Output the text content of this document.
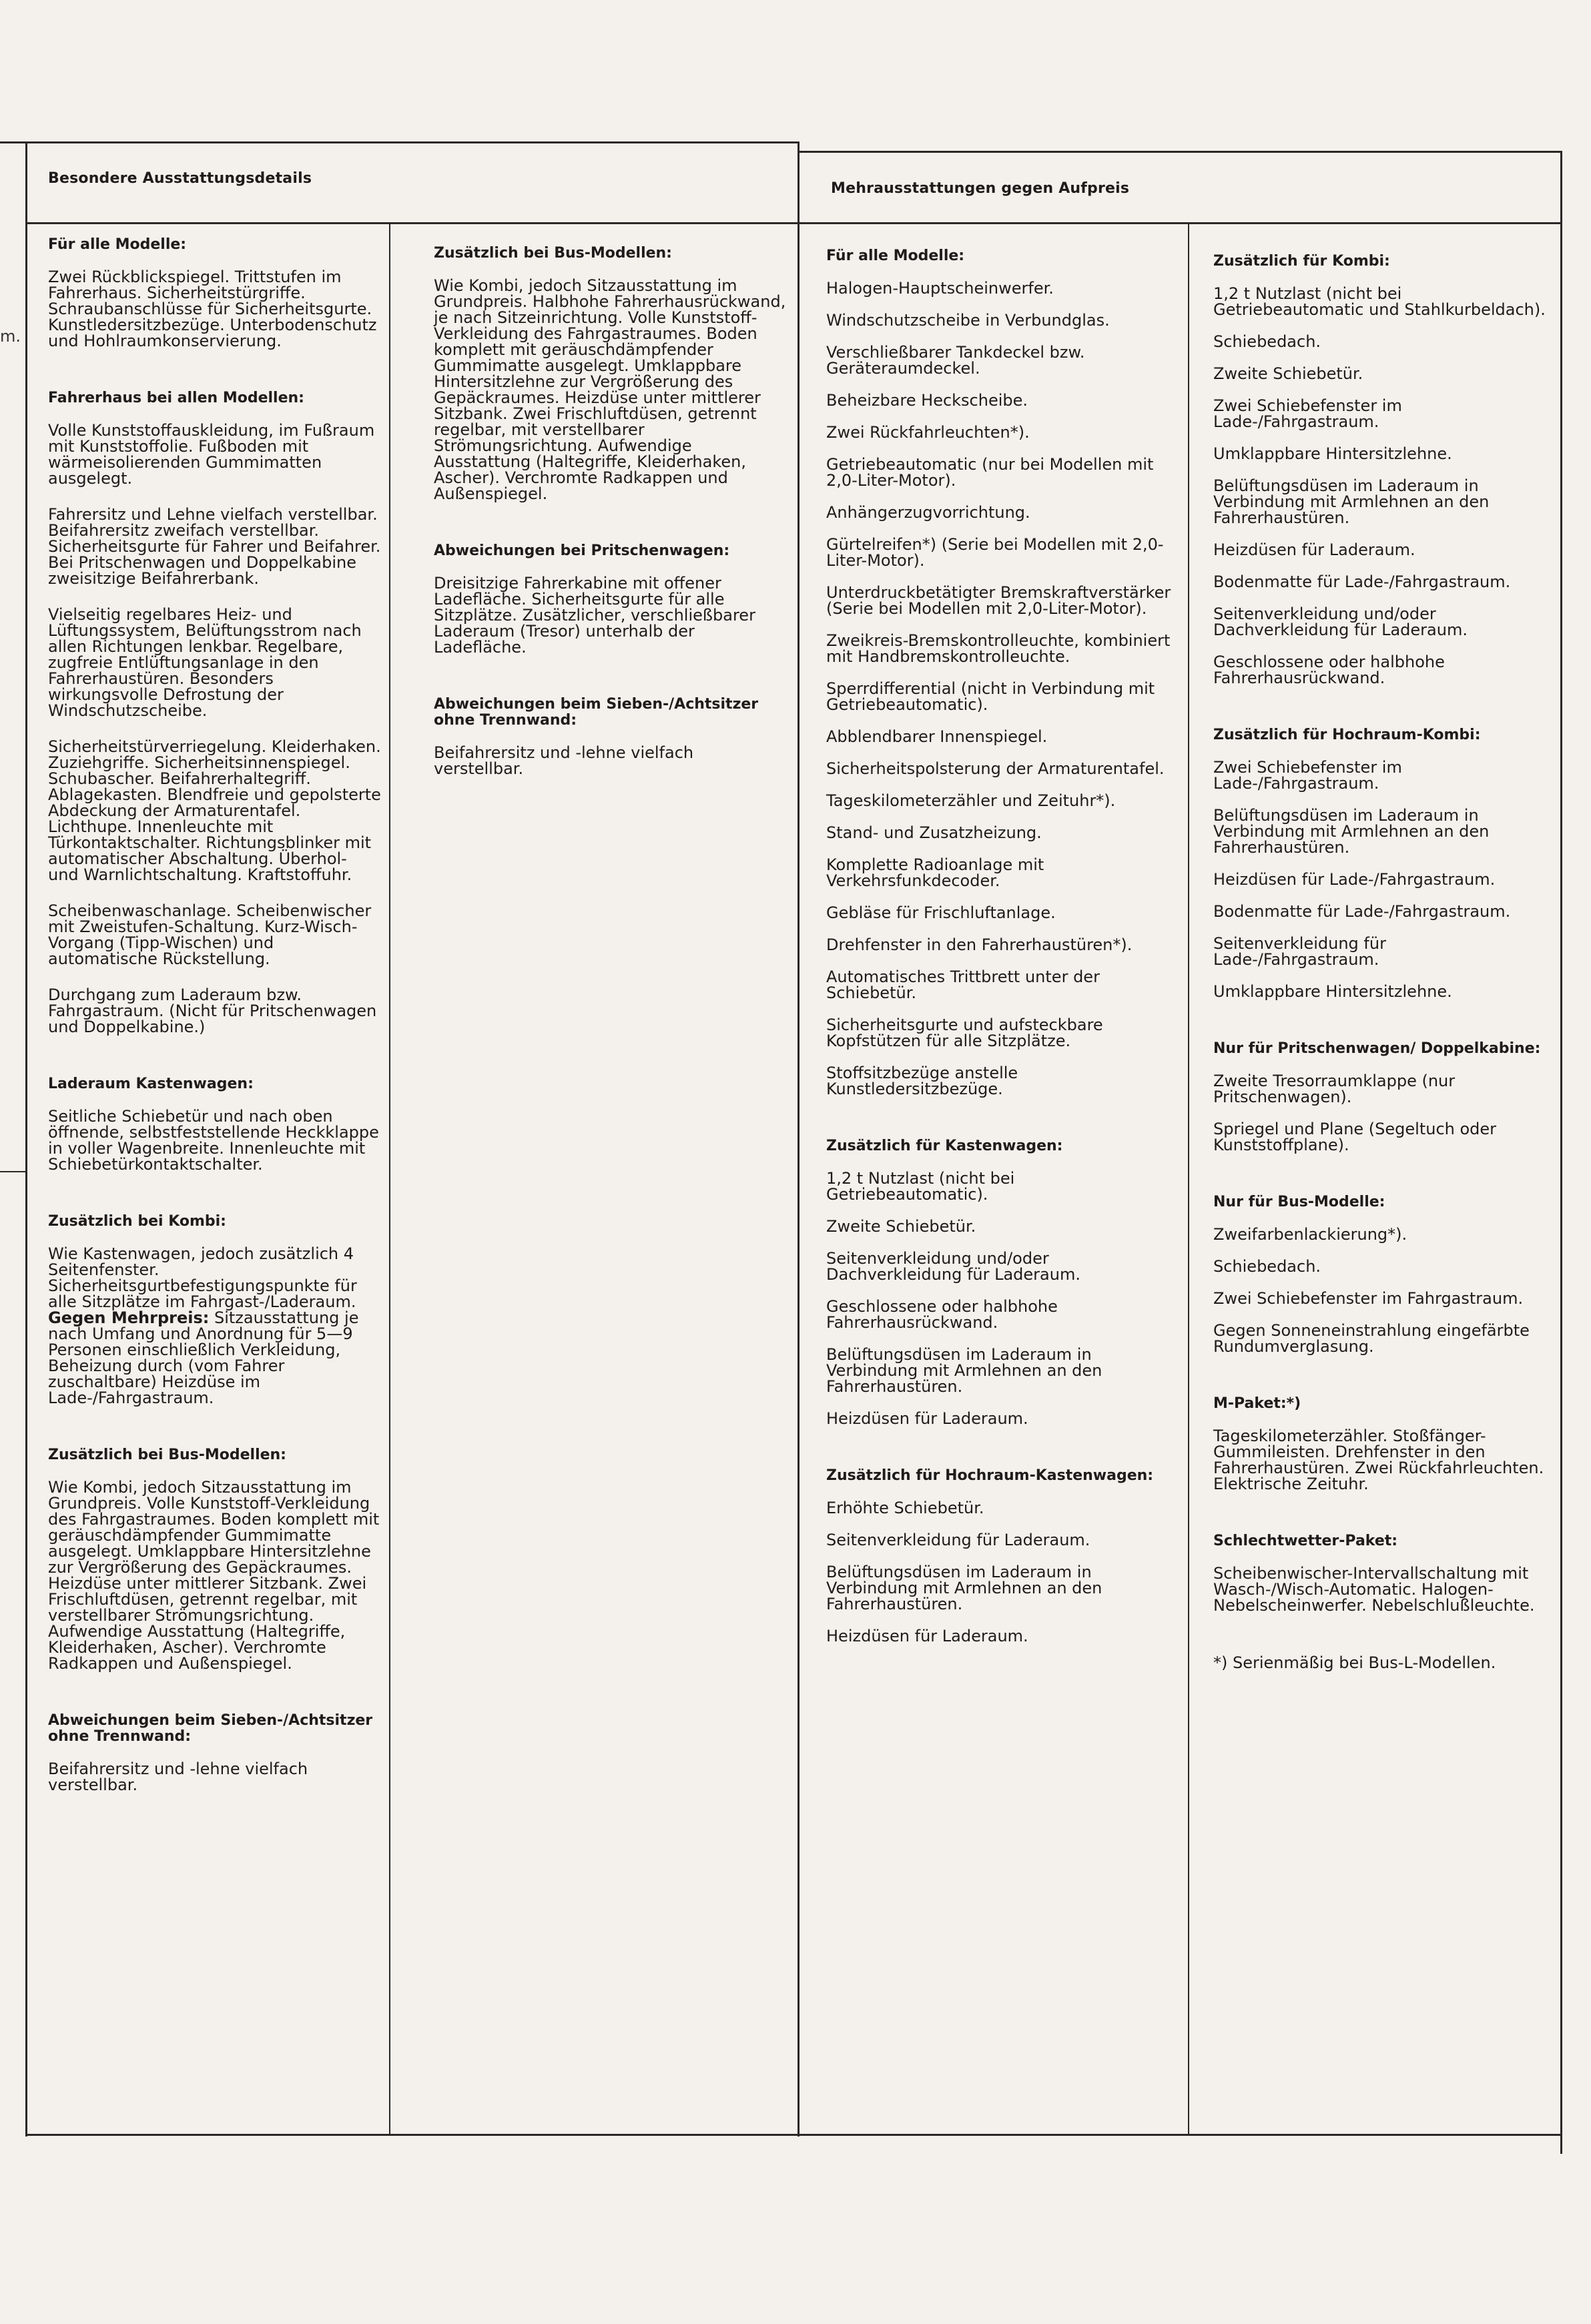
m.
Besondere Ausstattungsdetails
Mehrausstattungen gegen Aufpreis
Für alle Modelle:

Zwei Rückblickspiegel. Trittstufen im Fahrerhaus. Sicherheitstürgriffe. Schraubanschlüsse für Sicherheitsgurte. Kunstledersitzbezüge. Unterbodenschutz und Hohlraumkonservierung.

Fahrerhaus bei allen Modellen:

Volle Kunststoffauskleidung, im Fußraum mit Kunststoffolie. Fußboden mit wärmeisolierenden Gummimatten ausgelegt.

Fahrersitz und Lehne vielfach verstellbar. Beifahrersitz zweifach verstellbar. Sicherheitsgurte für Fahrer und Beifahrer. Bei Pritschenwagen und Doppelkabine zweisitzige Beifahrerbank.

Vielseitig regelbares Heiz- und Lüftungssystem, Belüftungsstrom nach allen Richtungen lenkbar. Regelbare, zugfreie Entlüftungsanlage in den Fahrerhaustüren. Besonders wirkungsvolle Defrostung der Windschutzscheibe.

Sicherheitstürverriegelung. Kleiderhaken. Zuziehgriffe. Sicherheitsinnenspiegel. Schubascher. Beifahrerhaltegriff. Ablagekasten. Blendfreie und gepolsterte Abdeckung der Armaturentafel. Lichthupe. Innenleuchte mit Türkontaktschalter. Richtungsblinker mit automatischer Abschaltung. Überhol- und Warnlichtschaltung. Kraftstoffuhr.

Scheibenwaschanlage. Scheibenwischer mit Zweistufen-Schaltung. Kurz-Wisch-Vorgang (Tipp-Wischen) und automatische Rückstellung.

Durchgang zum Laderaum bzw. Fahrgastraum. (Nicht für Pritschenwagen und Doppelkabine.)

Laderaum Kastenwagen:

Seitliche Schiebetür und nach oben öffnende, selbstfeststellende Heckklappe in voller Wagenbreite. Innenleuchte mit Schiebetürkontaktschalter.

Zusätzlich bei Kombi:

Wie Kastenwagen, jedoch zusätzlich 4 Seitenfenster. Sicherheitsgurtbefestigungspunkte für alle Sitzplätze im Fahrgast-/Laderaum.

Gegen Mehrpreis: Sitzausstattung je nach Umfang und Anordnung für 5—9 Personen einschließlich Verkleidung, Beheizung durch (vom Fahrer zuschaltbare) Heizdüse im Lade-/Fahrgastraum.

Zusätzlich bei Bus-Modellen:

Wie Kombi, jedoch Sitzausstattung im Grundpreis. Volle Kunststoff-Verkleidung des Fahrgastraumes. Boden komplett mit geräuschdämpfender Gummimatte ausgelegt. Umklappbare Hintersitzlehne zur Vergrößerung des Gepäckraumes. Heizdüse unter mittlerer Sitzbank. Zwei Frischluftdüsen, getrennt regelbar, mit verstellbarer Strömungsrichtung. Aufwendige Ausstattung (Haltegriffe, Kleiderhaken, Ascher). Verchromte Radkappen und Außenspiegel.

Abweichungen beim Sieben-/Achtsitzer ohne Trennwand:

Beifahrersitz und -lehne vielfach verstellbar.

Zusätzlich bei Bus-Modellen:

Wie Kombi, jedoch Sitzausstattung im Grundpreis. Halbhohe Fahrerhausrückwand, je nach Sitzeinrichtung. Volle Kunststoff-Verkleidung des Fahrgastraumes. Boden komplett mit geräuschdämpfender Gummimatte ausgelegt. Umklappbare Hintersitzlehne zur Vergrößerung des Gepäckraumes. Heizdüse unter mittlerer Sitzbank. Zwei Frischluftdüsen, getrennt regelbar, mit verstellbarer Strömungsrichtung. Aufwendige Ausstattung (Haltegriffe, Kleiderhaken, Ascher). Verchromte Radkappen und Außenspiegel.

Abweichungen bei Pritschenwagen:

Dreisitzige Fahrerkabine mit offener Ladefläche. Sicherheitsgurte für alle Sitzplätze. Zusätzlicher, verschließbarer Laderaum (Tresor) unterhalb der Ladefläche.

Abweichungen beim Sieben-/Achtsitzer ohne Trennwand:

Beifahrersitz und -lehne vielfach verstellbar.

Für alle Modelle:
Halogen-Hauptscheinwerfer.
Windschutzscheibe in Verbundglas.
Verschließbarer Tankdeckel bzw. Geräteraumdeckel.
Beheizbare Heckscheibe.
Zwei Rückfahrleuchten*).
Getriebeautomatic (nur bei Modellen mit 2,0-Liter-Motor).
Anhängerzugvorrichtung.
Gürtelreifen*) (Serie bei Modellen mit 2,0-Liter-Motor).
Unterdruckbetätigter Bremskraftverstärker (Serie bei Modellen mit 2,0-Liter-Motor).
Zweikreis-Bremskontrolleuchte, kombiniert mit Handbremskontrolleuchte.
Sperrdifferential (nicht in Verbindung mit Getriebeautomatic).
Abblendbarer Innenspiegel.
Sicherheitspolsterung der Armaturentafel.
Tageskilometerzähler und Zeituhr*).
Stand- und Zusatzheizung.
Komplette Radioanlage mit Verkehrsfunkdecoder.
Gebläse für Frischluftanlage.
Drehfenster in den Fahrerhaustüren*).
Automatisches Trittbrett unter der Schiebetür.
Sicherheitsgurte und aufsteckbare Kopfstützen für alle Sitzplätze.
Stoffsitzbezüge anstelle Kunstledersitzbezüge.
Zusätzlich für Kastenwagen:
1,2 t Nutzlast (nicht bei Getriebeautomatic).
Zweite Schiebetür.
Seitenverkleidung und/oder Dachverkleidung für Laderaum.
Geschlossene oder halbhohe Fahrerhausrückwand.
Belüftungsdüsen im Laderaum in Verbindung mit Armlehnen an den Fahrerhaustüren.
Heizdüsen für Laderaum.
Zusätzlich für Hochraum-Kastenwagen:
Erhöhte Schiebetür.
Seitenverkleidung für Laderaum.
Belüftungsdüsen im Laderaum in Verbindung mit Armlehnen an den Fahrerhaustüren.
Heizdüsen für Laderaum.
Zusätzlich für Kombi:
1,2 t Nutzlast (nicht bei Getriebeautomatic und Stahlkurbeldach).
Schiebedach.
Zweite Schiebetür.
Zwei Schiebefenster im Lade-/Fahrgastraum.
Umklappbare Hintersitzlehne.
Belüftungsdüsen im Laderaum in Verbindung mit Armlehnen an den Fahrerhaustüren.
Heizdüsen für Laderaum.
Bodenmatte für Lade-/Fahrgastraum.
Seitenverkleidung und/oder Dachverkleidung für Laderaum.
Geschlossene oder halbhohe Fahrerhausrückwand.
Zusätzlich für Hochraum-Kombi:
Zwei Schiebefenster im Lade-/Fahrgastraum.
Belüftungsdüsen im Laderaum in Verbindung mit Armlehnen an den Fahrerhaustüren.
Heizdüsen für Lade-/Fahrgastraum.
Bodenmatte für Lade-/Fahrgastraum.
Seitenverkleidung für Lade-/Fahrgastraum.
Umklappbare Hintersitzlehne.
Nur für Pritschenwagen/ Doppelkabine:
Zweite Tresorraumklappe (nur Pritschenwagen).
Spriegel und Plane (Segeltuch oder Kunststoffplane).
Nur für Bus-Modelle:
Zweifarbenlackierung*).
Schiebedach.
Zwei Schiebefenster im Fahrgastraum.
Gegen Sonneneinstrahlung eingefärbte Rundumverglasung.
M-Paket:*)
Tageskilometerzähler. Stoßfänger-Gummileisten. Drehfenster in den Fahrerhaustüren. Zwei Rückfahrleuchten. Elektrische Zeituhr.
Schlechtwetter-Paket:
Scheibenwischer-Intervallschaltung mit Wasch-/Wisch-Automatic. Halogen-Nebelscheinwerfer. Nebelschlußleuchte.
*) Serienmäßig bei Bus-L-Modellen.
